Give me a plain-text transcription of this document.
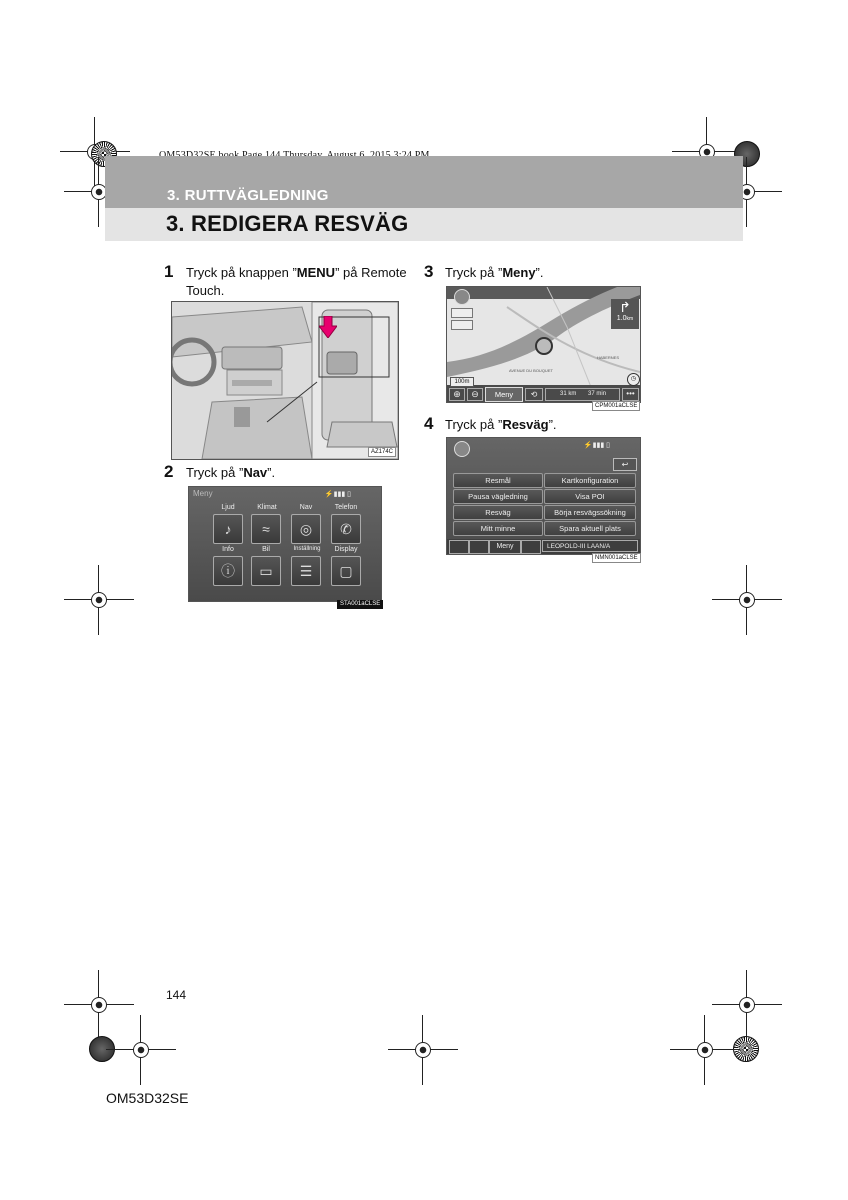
3. RUTTVÄGLEDNING
3. REDIGERA RESVÄG
1 Tryck på knappen ”MENU” på Remote Touch.
AZ174C
2 Tryck på ”Nav”.
Meny	⚡▮▮▮ ▯
Ljud	Klimat	Nav	Telefon
♪	≈	◎	✆
Info	Bil	Inställning	Display
ⓘ	▭	☰	▢
STA001aCLSE
3 Tryck på ”Meny”.
↱
1.0km
AVENUE DU BOUQUET
HABERNES
◷
100m
⊕	⊖	Meny	⟲	31 km 37 min	•••
CPM001aCLSE
4 Tryck på ”Resväg”.
⚡▮▮▮ ▯
↩
Resmål	Kartkonfiguration
Pausa vägledning	Visa POI
Resväg	Börja resvägssökning
Mitt minne	Spara aktuell plats
Meny	LEOPOLD-III LAAN/A
NMN001aCLSE
144
OM53D32SE
